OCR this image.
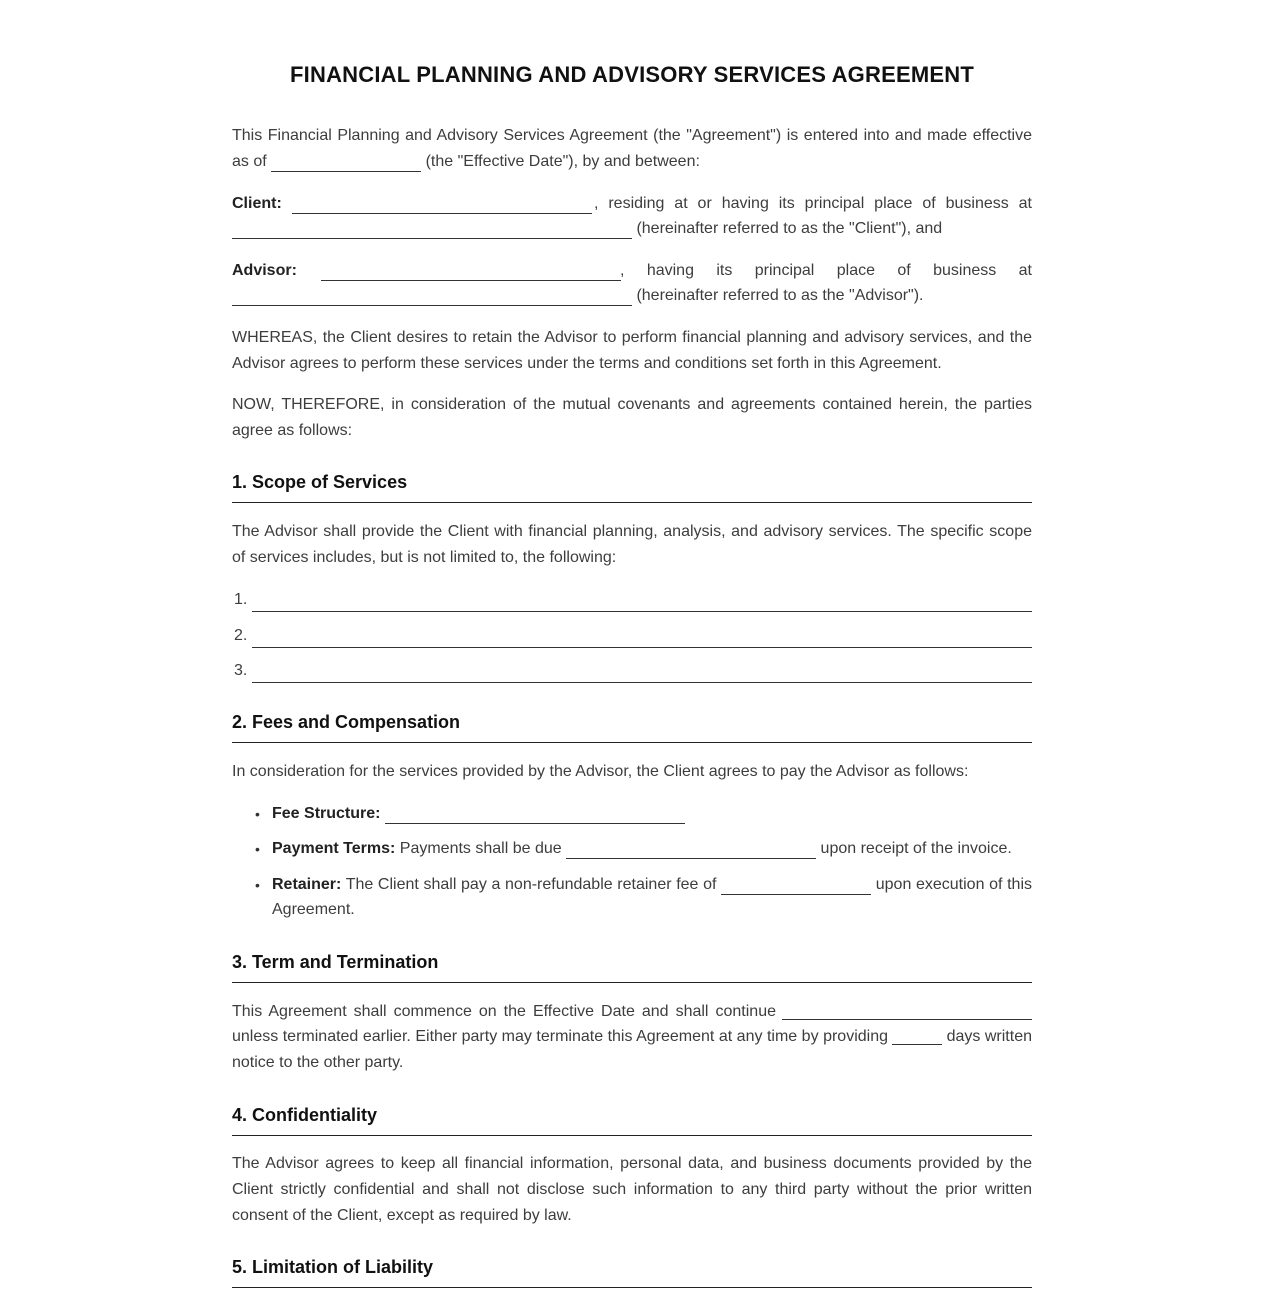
FINANCIAL PLANNING AND ADVISORY SERVICES AGREEMENT
This Financial Planning and Advisory Services Agreement (the "Agreement") is entered into and made effective
as of	(the "Effective Date"), by and between:
Client:	, residing at or having its principal place of business at
(hereinafter referred to as the "Client"), and
Advisor:	, having its principal place of business at
(hereinafter referred to as the "Advisor").
WHEREAS, the Client desires to retain the Advisor to perform financial planning and advisory services, and the
Advisor agrees to perform these services under the terms and conditions set forth in this Agreement.
NOW, THEREFORE, in consideration of the mutual covenants and agreements contained herein, the parties
agree as follows:
1. Scope of Services
The Advisor shall provide the Client with financial planning, analysis, and advisory services. The specific scope
of services includes, but is not limited to, the following:
1.
2.
3.
2. Fees and Compensation
In consideration for the services provided by the Advisor, the Client agrees to pay the Advisor as follows:
• Fee Structure:
• Payment Terms: Payments shall be due	upon receipt of the invoice.
• Retainer: The Client shall pay a non-refundable retainer fee of	upon execution of this
Agreement.
3. Term and Termination
This Agreement shall commence on the Effective Date and shall continue
unless terminated earlier. Either party may terminate this Agreement at any time by providing	days written
notice to the other party.
4. Confidentiality
The Advisor agrees to keep all financial information, personal data, and business documents provided by the
Client strictly confidential and shall not disclose such information to any third party without the prior written
consent of the Client, except as required by law.
5. Limitation of Liability
